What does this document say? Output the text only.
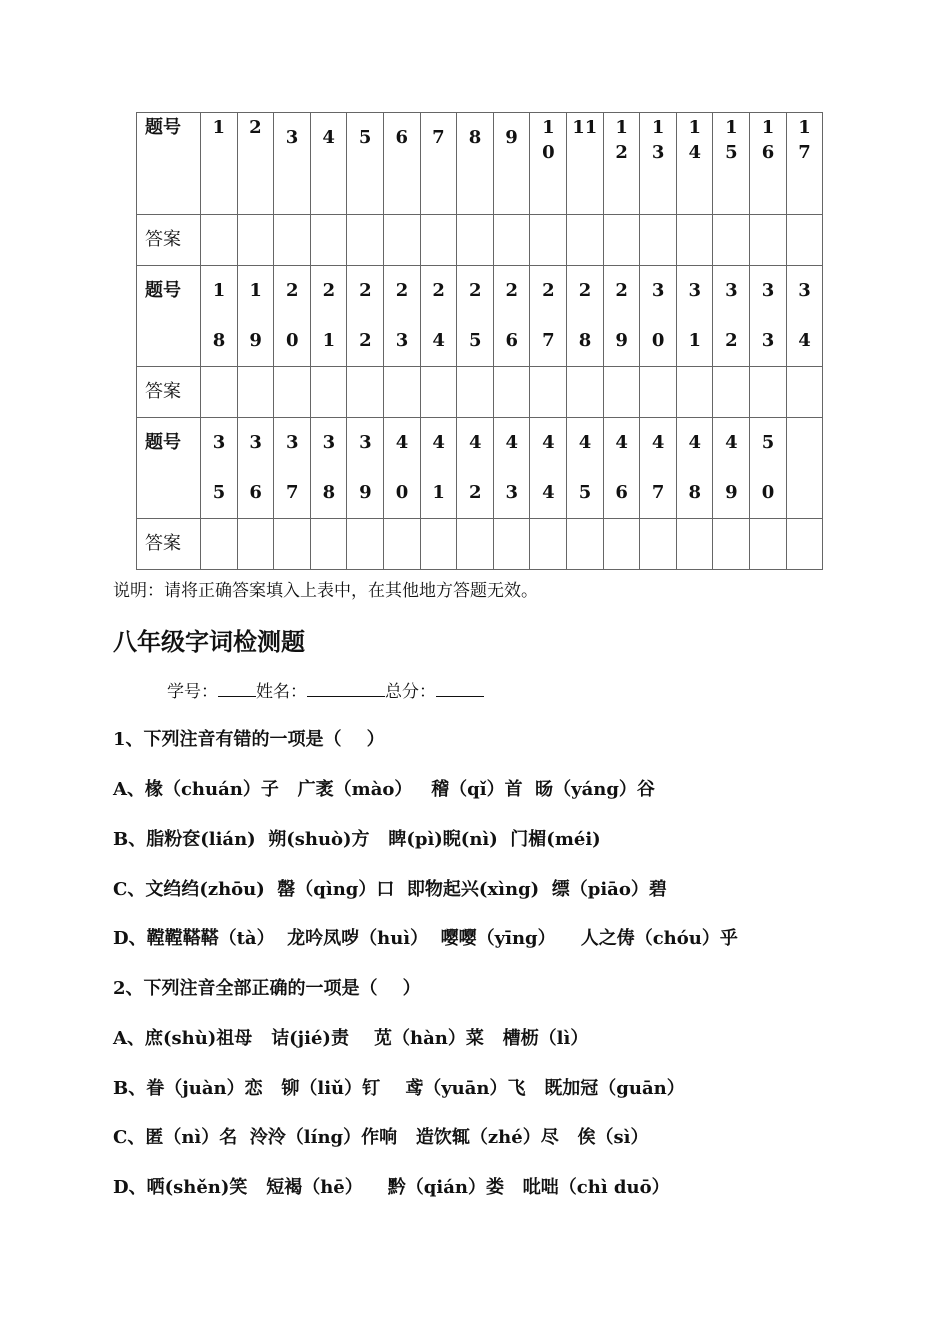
题号	1	2	3	4	5	6	7	8	9	10	11	12	13	14	15	16	17

答案																	
题号	18	19	20	21	22	23	24	25	26	27	28	29	30	31	32	33	34

答案																	
题号	35	36	37	38	39	40	41	42	43	44	45	46	47	48	49	50	

答案																	
说明：请将正确答案填入上表中，在其他地方答题无效。
八年级字词检测题
学号： 姓名：	总分：
1、下列注音有错的一项是（    ）
A、椽（chuán）子   广袤（mào）   稽（qǐ）首  旸（yáng）谷
B、脂粉奁(lián)  朔(shuò)方   睥(pì)睨(nì)  门楣(méi)
C、文绉绉(zhōu)  罄（qìng）口  即物起兴(xìng)  缥（piāo）碧
D、鞺鞺鞳鞳（tà）  龙吟凤哕（huì）  嘤嘤（yīng）    人之俦（chóu）乎
2、下列注音全部正确的一项是（    ）
A、庶(shù)祖母   诘(jié)责    苋（hàn）菜   槽枥（lì）
B、眷（juàn）恋   铆（liǔ）钉    鸢（yuān）飞   既加冠（guān）
C、匿（nì）名  泠泠（líng）作响   造饮辄（zhé）尽   俟（sì）
D、哂(shěn)笑   短褐（hē）    黔（qián）娄   吡咄（chì duō）
